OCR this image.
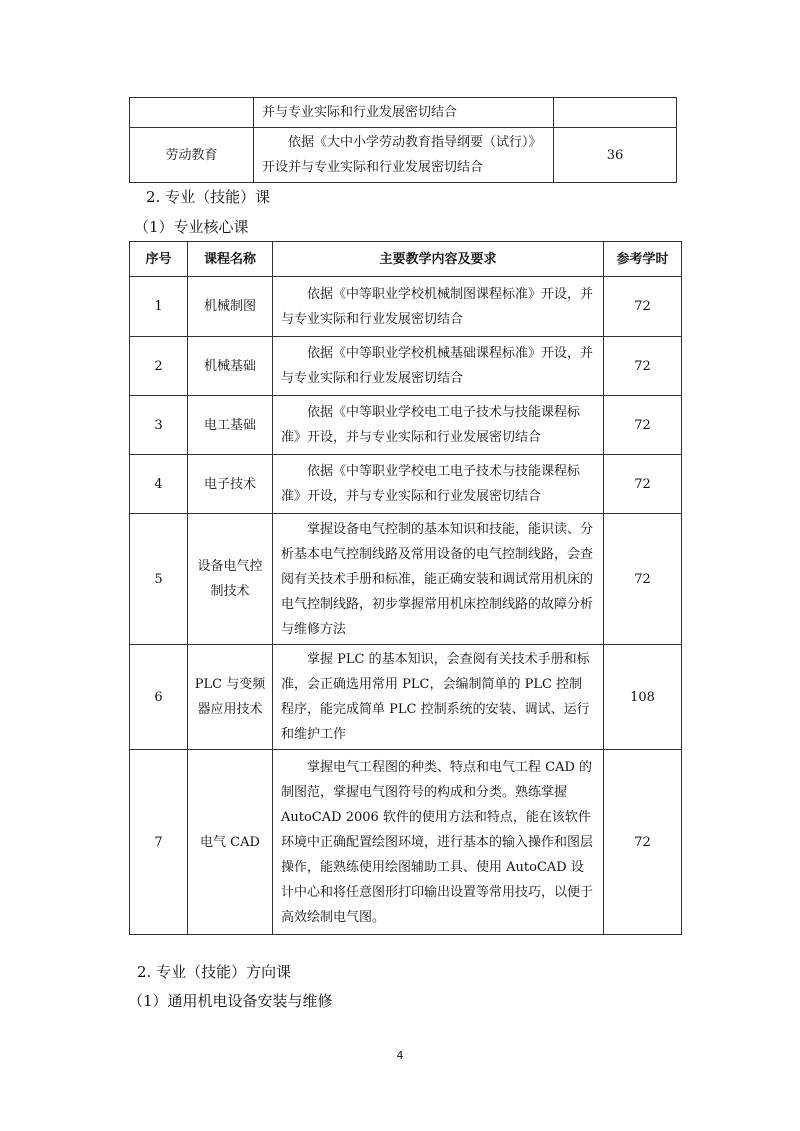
	并与专业实际和行业发展密切结合	
劳动教育	依据《大中小学劳动教育指导纲要（试行）》开设并与专业实际和行业发展密切结合	36
2. 专业（技能）课
（1）专业核心课
序号	课程名称	主要教学内容及要求	参考学时
1	机械制图	依据《中等职业学校机械制图课程标准》开设，并与专业实际和行业发展密切结合	72
2	机械基础	依据《中等职业学校机械基础课程标准》开设，并与专业实际和行业发展密切结合	72
3	电工基础	依据《中等职业学校电工电子技术与技能课程标准》开设，并与专业实际和行业发展密切结合	72
4	电子技术	依据《中等职业学校电工电子技术与技能课程标准》开设，并与专业实际和行业发展密切结合	72
5	设备电气控制技术	掌握设备电气控制的基本知识和技能，能识读、分析基本电气控制线路及常用设备的电气控制线路，会查阅有关技术手册和标准，能正确安装和调试常用机床的电气控制线路，初步掌握常用机床控制线路的故障分析与维修方法	72
6	PLC 与变频器应用技术	掌握 PLC 的基本知识，会查阅有关技术手册和标准，会正确选用常用 PLC，会编制简单的 PLC 控制程序，能完成简单 PLC 控制系统的安装、调试、运行和维护工作	108
7	电气 CAD	掌握电气工程图的种类、特点和电气工程 CAD 的制图范，掌握电气图符号的构成和分类。熟练掌握 AutoCAD 2006 软件的使用方法和特点，能在该软件环境中正确配置绘图环境，进行基本的输入操作和图层操作，能熟练使用绘图辅助工具、使用 AutoCAD 设计中心和将任意图形打印输出设置等常用技巧，以便于高效绘制电气图。	72
2. 专业（技能）方向课
（1）通用机电设备安装与维修
4
